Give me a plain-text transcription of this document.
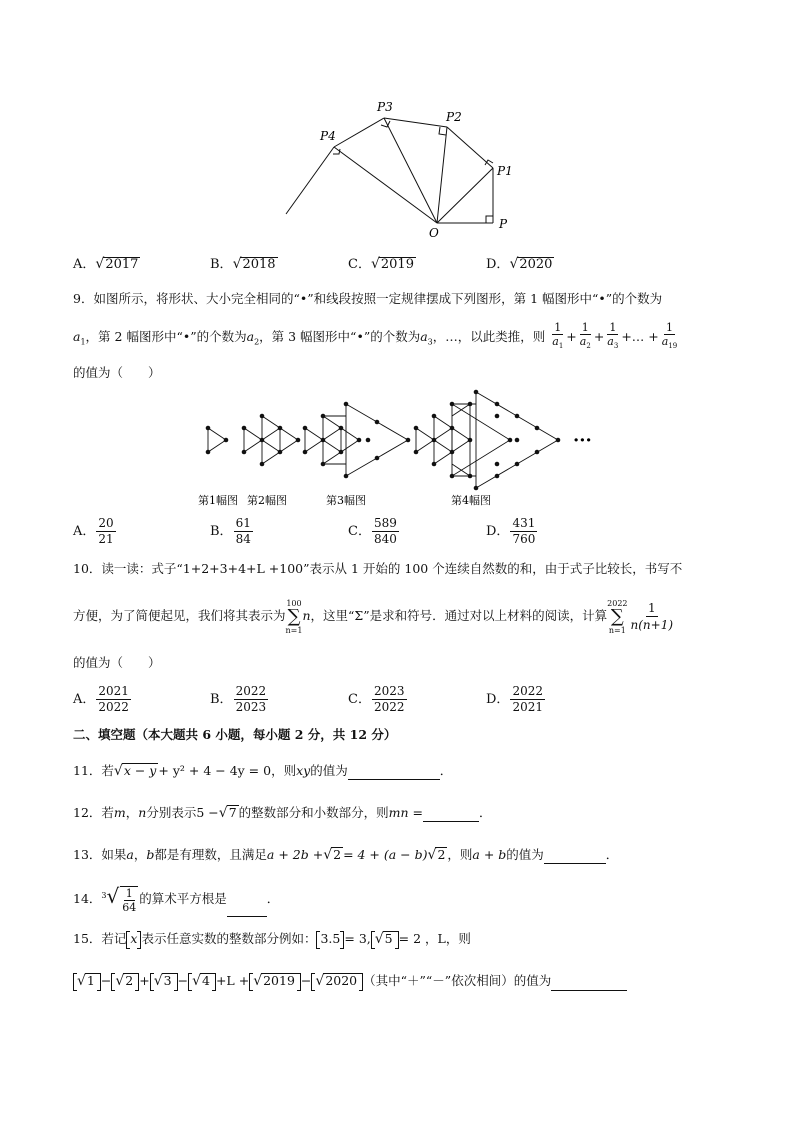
P4
P3
P2
P1
P
O
A．√2017	B．√2018	C．√2019	D．√2020
9．如图所示，将形状、大小完全相同的“•”和线段按照一定规律摆成下列图形，第 1 幅图形中“•”的个数为
$a_1$，第 2 幅图形中“•”的个数为$a_2$，第 3 幅图形中“•”的个数为$a_3$，…，以此类推，则 $\frac{1}{a_1} + \frac{1}{a_2} + \frac{1}{a_3}$ +… + $\frac{1}{a_{19}}$
的值为（　　）
···
第1幅图 第2幅图	第3幅图	第4幅图
A． $\frac{20}{21}$	B． $\frac{61}{84}$	C． $\frac{589}{840}$	D． $\frac{431}{760}$
10．读一读：式子“1+2+3+4+L +100”表示从 1 开始的 100 个连续自然数的和，由于式子比较长，书写不
方便，为了简便起见，我们将其表示为
100
∑
n=1
n，这里“Σ”是求和符号．通过对以上材料的阅读，计算
2022
∑
$n=1 \frac{1}{n(n+1)}$
的值为（　　）
A． $\frac{2021}{2022}$	B． $\frac{2022}{2023}$	C． $\frac{2023}{2022}$	D． $\frac{2022}{2021}$
二、填空题（本大题共 6 小题，每小题 2 分，共 12 分）
11．若√x − y + y² + 4 − 4y = 0，则xy的值为	．
12．若m，n分别表示5 −√7 的整数部分和小数部分，则mn =	．
13．如果a，b都是有理数，且满足a + 2b +√2 = 4 + (a − b)√2 ，则a + b的值为	．
14．$^3√ \frac{1}{64}$ 的算术平方根是	．
15．若记 x 表示任意实数的整数部分例如： 3.5 = 3, √5 = 2 ，L，则
√1 − √2 + √3 − √4 +L + √2019 − √2020 （其中“＋”“－”依次相间）的值为
